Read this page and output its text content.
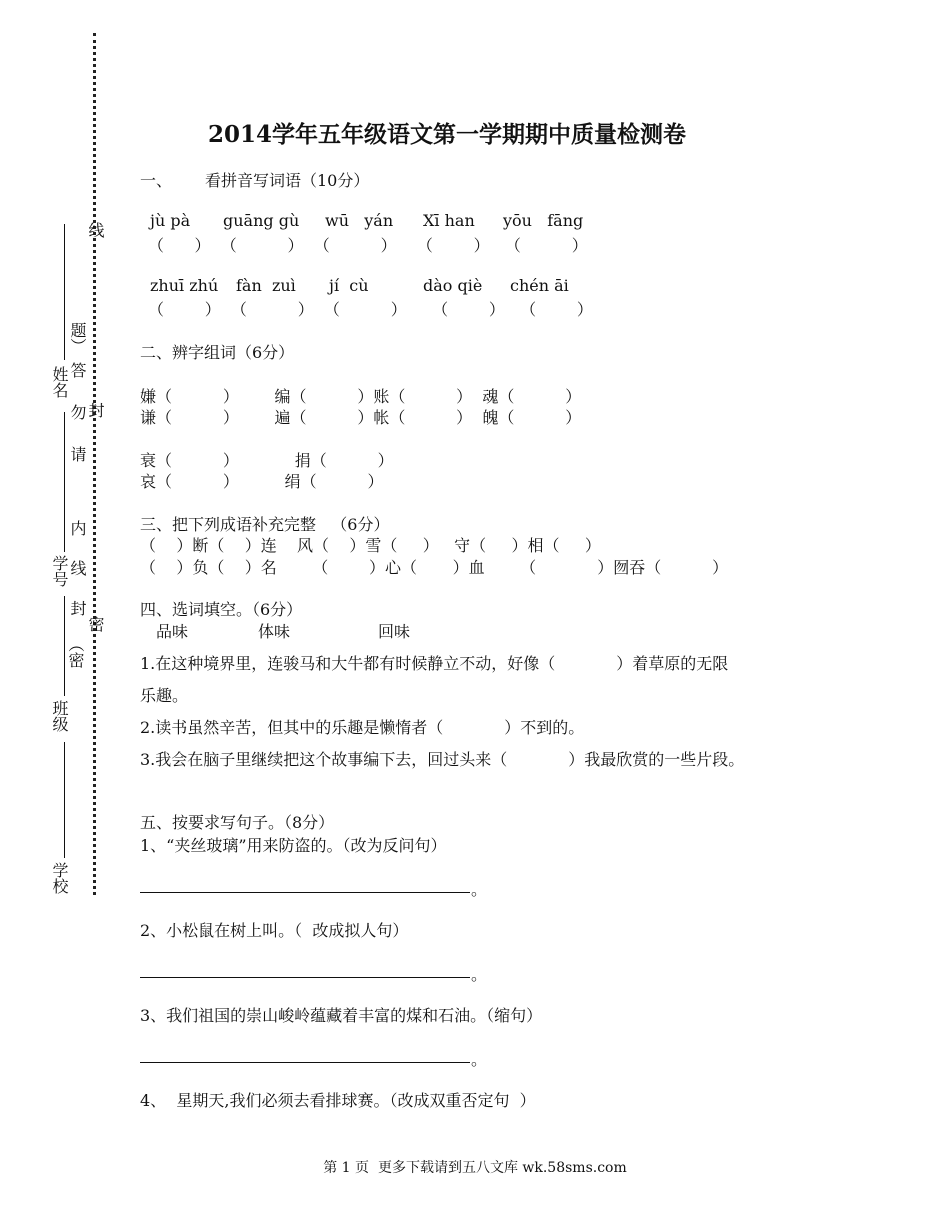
线
姓名
学号
班级
学校
题）
答
封
勿
请
内
线
封
密
（密
2014学年五年级语文第一学期期中质量检测卷
一、 看拼音写词语（10分）
jù pà guāng gù wū   yán Xī han yōu   fāng
（      ）  （          ）  （          ）    （        ）   （          ）
zhuī zhú fàn  zuì jí  cù	dào qiè chén āi
（        ）  （          ）  （          ）     （        ）   （        ）
二、辨字组词（6分）
嫌（          ）       编（          ）账（          ）  魂（          ）
谦（          ）       遍（          ）帐（          ）  魄（          ）
衰（          ）           捐（          ）
哀（          ）         绢（          ）
三、把下列成语补充完整   （6分）
（    ）断（    ）连    风（    ）雪（     ）   守（     ）相（     ）
（    ）负（    ）名       （        ）心（       ）血       （            ）囫吞（          ）
四、选词填空。（6分）
品味	体味	回味
1.在这种境界里，连骏马和大牛都有时候静立不动，好像（            ）着草原的无限
乐趣。
2.读书虽然辛苦，但其中的乐趣是懒惰者（            ）不到的。
3.我会在脑子里继续把这个故事编下去，回过头来（            ）我最欣赏的一些片段。
五、按要求写句子。（8分）
1、“夹丝玻璃”用来防盗的。（改为反问句）
。
2、小松鼠在树上叫。（  改成拟人句）
。
3、我们祖国的崇山峻岭蕴藏着丰富的煤和石油。（缩句）
。
4、  星期天,我们必须去看排球赛。（改成双重否定句  ）
第 1 页  更多下载请到五八文库 wk.58sms.com
